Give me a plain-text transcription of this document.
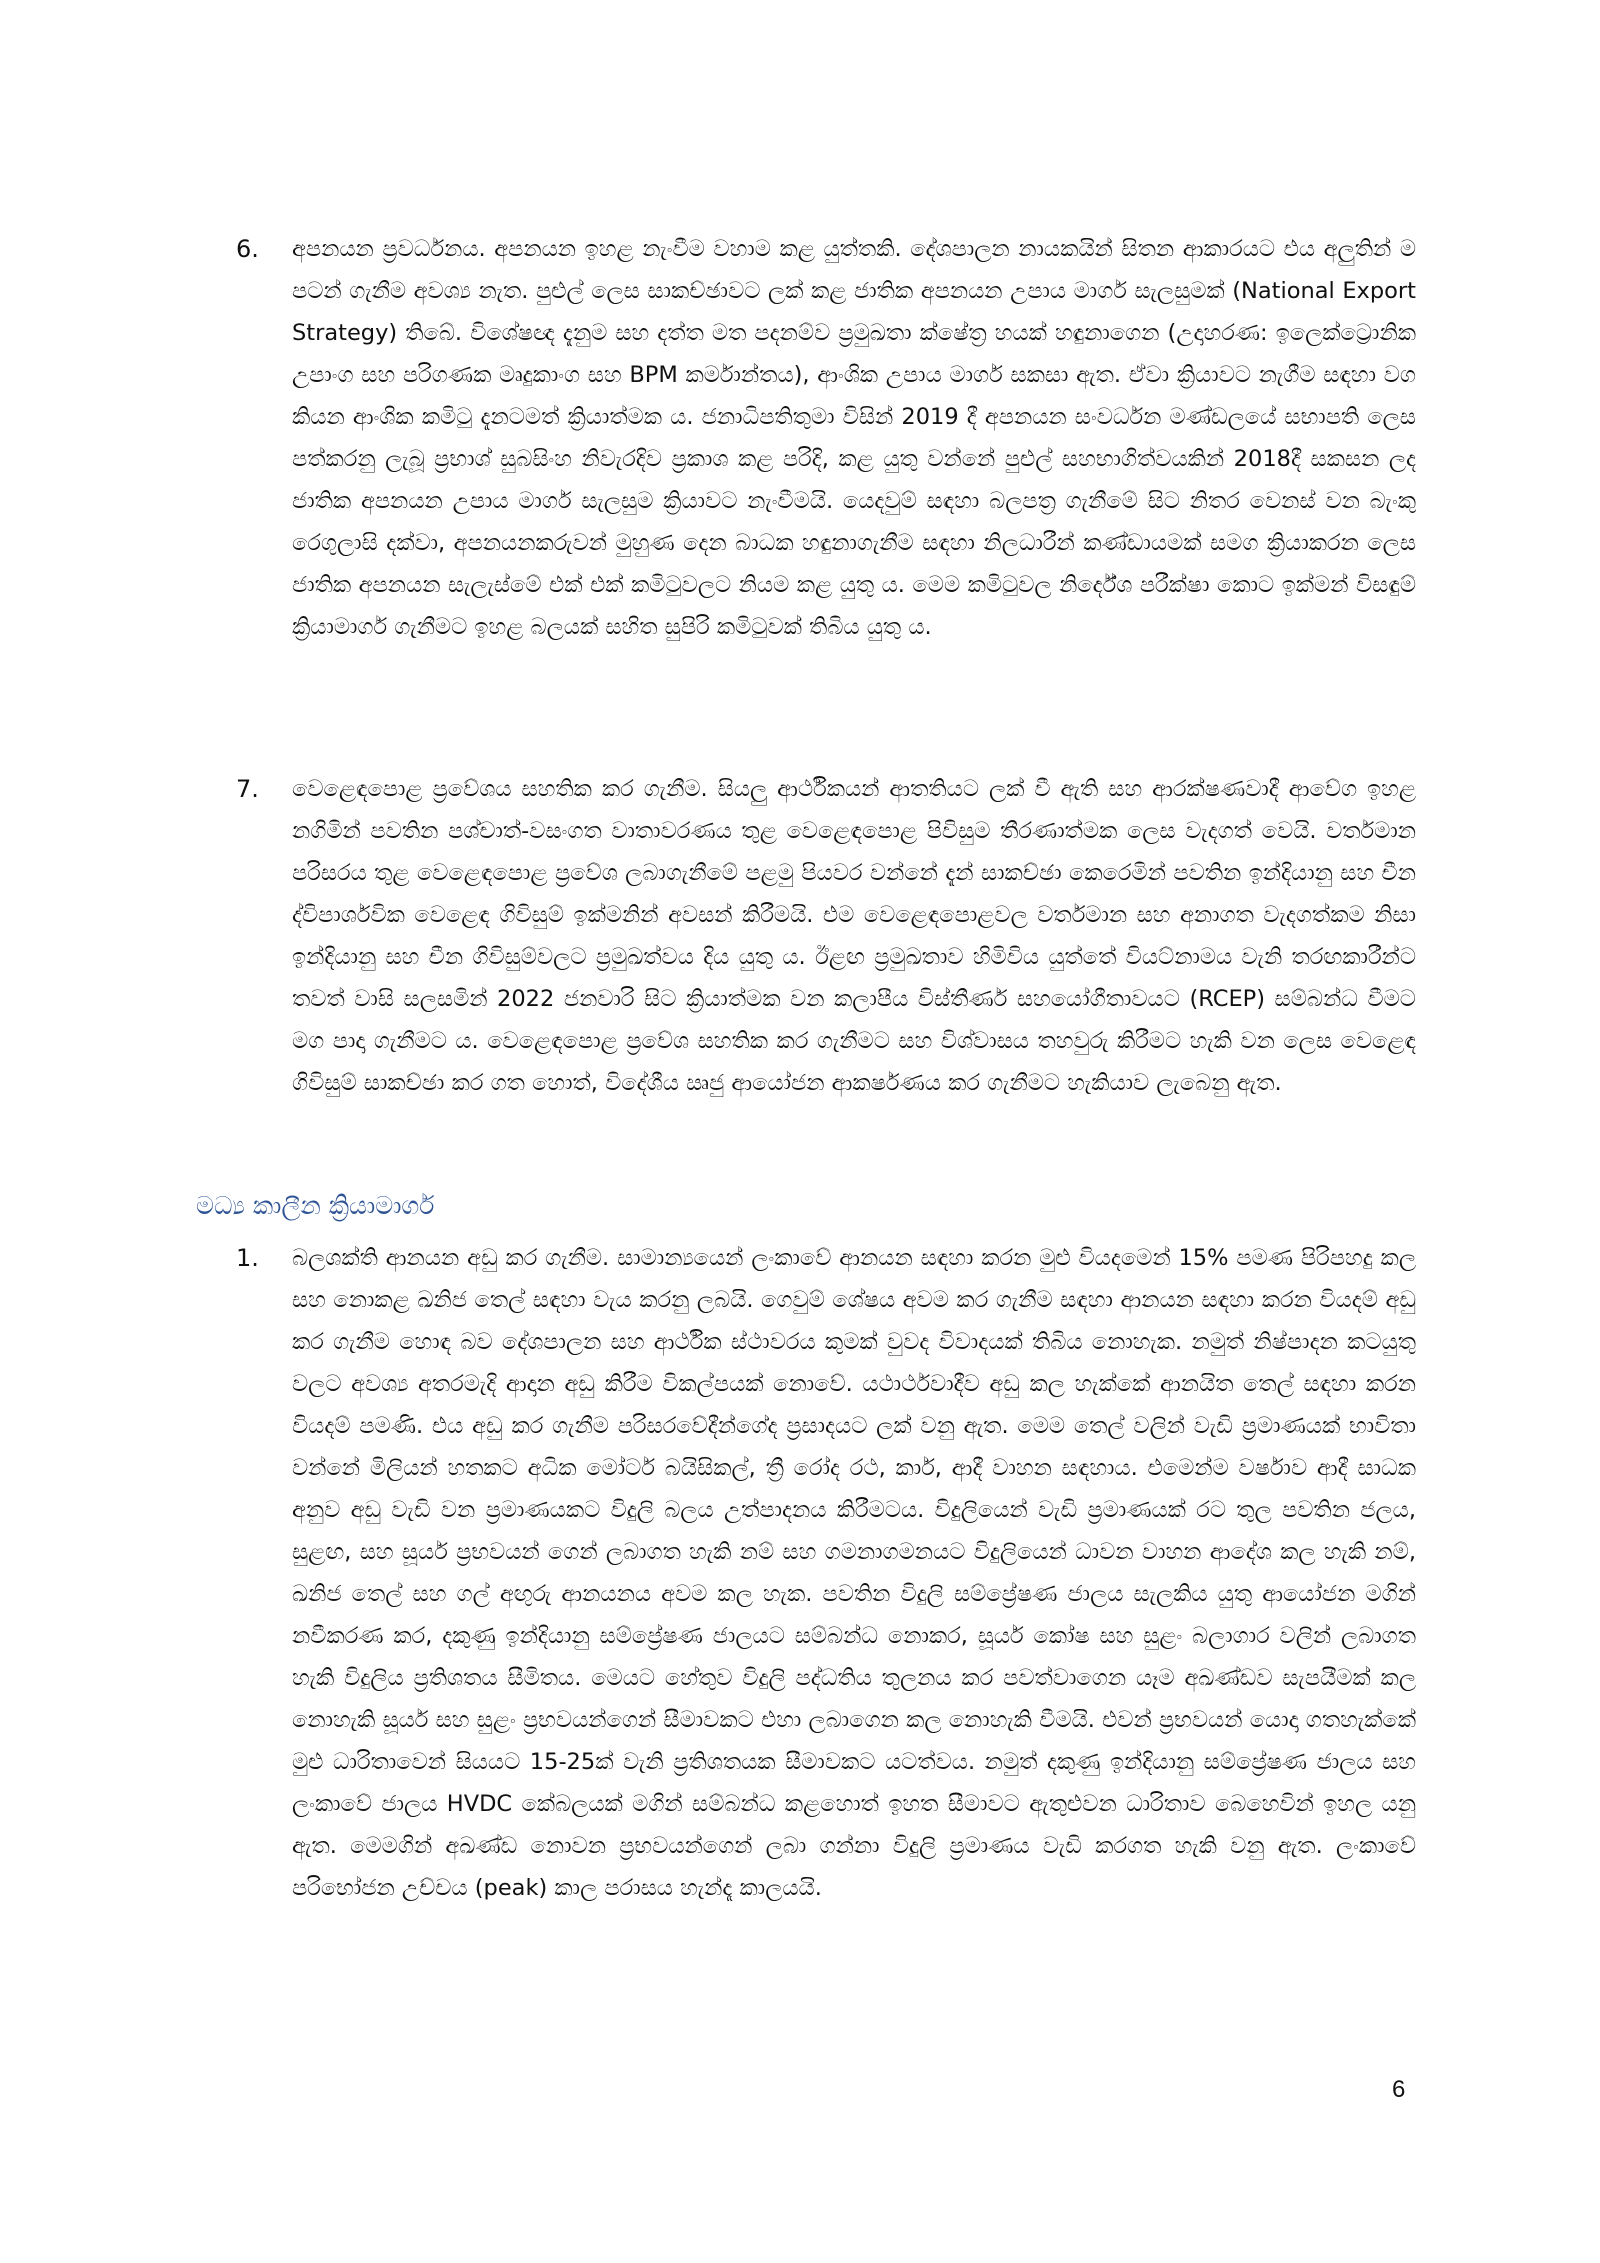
6.	අපනයන ප්‍රවර්ධනය. අපනයන ඉහළ නැංවීම වහාම කළ යුත්තකි. දේශපාලන නායකයින් සිතන ආකාරයට එය අලුතින් ම පටන් ගැනීම අවශ්‍ය නැත. පුළුල් ලෙස සාකච්ඡාවට ලක් කළ ජාතික අපනයන උපාය මාර්ග සැලසුමක් (National Export Strategy) තිබේ. විශේෂඥ දැනුම සහ දත්ත මත පදනම්ව ප්‍රමුඛතා ක්ෂේත්‍ර හයක් හඳුනාගෙන (උදාහරණ: ඉලෙක්ට්‍රොනික උපාංග සහ පරිගණක මෘදුකාංග සහ BPM කර්මාන්තය), ආංශික උපාය මාර්ග සකසා ඇත. ඒවා ක්‍රියාවට නැගීම සඳහා වග කියන ආංශික කමිටු දැනටමත් ක්‍රියාත්මක ය. ජනාධිපතිතුමා විසින් 2019 දී අපනයන සංවර්ධන මණ්ඩලයේ සභාපති ලෙස පත්කරනු ලැබූ ප්‍රභාශ් සුබසිංහ නිවැරදිව ප්‍රකාශ කළ පරිදි, කළ යුතු වන්නේ පුළුල් සහභාගිත්වයකින් 2018දී සකසන ලද ජාතික අපනයන උපාය මාර්ග සැලසුම ක්‍රියාවට නැංවීමයි. යෙදවුම් සඳහා බලපත්‍ර ගැනීමේ සිට නිතර වෙනස් වන බැංකු රෙගුලාසි දක්වා, අපනයනකරුවන් මුහුණ දෙන බාධක හඳුනාගැනීම සඳහා නිලධාරීන් කණ්ඩායමක් සමග ක්‍රියාකරන ලෙස ජාතික අපනයන සැලැස්මේ එක් එක් කමිටුවලට නියම කළ යුතු ය. මෙම කමිටුවල නිර්දේශ පරීක්ෂා කොට ඉක්මන් විසඳුම් ක්‍රියාමාර්ග ගැනීමට ඉහළ බලයක් සහිත සුපිරි කමිටුවක් තිබිය යුතු ය.
7.	වෙළෙඳපොළ ප්‍රවේශය සහතික කර ගැනීම. සියලු ආර්ථිකයන් ආතතියට ලක් වී ඇති සහ ආරක්ෂණවාදී ආවේග ඉහළ නගිමින් පවතින පශ්චාත්-වසංගත වාතාවරණය තුළ වෙළෙඳපොළ පිවිසුම තීරණාත්මක ලෙස වැදගත් වෙයි. වර්තමාන පරිසරය තුළ වෙළෙඳපොළ ප්‍රවේශ ලබාගැනීමේ පළමු පියවර වන්නේ දැන් සාකච්ඡා කෙරෙමින් පවතින ඉන්දියානු සහ චීන ද්විපාර්ශවික වෙළෙඳ ගිවිසුම් ඉක්මනින් අවසන් කිරීමයි. එම වෙළෙඳපොළවල වර්තමාන සහ අනාගත වැදගත්කම නිසා ඉන්දියානු සහ චීන ගිවිසුම්වලට ප්‍රමුඛත්වය දිය යුතු ය. ඊළඟ ප්‍රමුඛතාව හිමිවිය යුත්තේ වියට්නාමය වැනි තරඟකාරීන්ට තවත් වාසි සලසමින් 2022 ජනවාරි සිට ක්‍රියාත්මක වන කලාපීය විස්තීර්ණ සහයෝගීතාවයට (RCEP) සම්බන්ධ වීමට මග පාදා ගැනීමට ය. වෙළෙඳපොළ ප්‍රවේශ සහතික කර ගැනීමට සහ විශ්වාසය තහවුරු කිරීමට හැකි වන ලෙස වෙළෙඳ ගිවිසුම් සාකච්ඡා කර ගත හොත්, විදේශීය ඍජු ආයෝජන ආකර්ෂණය කර ගැනීමට හැකියාව ලැබෙනු ඇත.
මධ්‍ය කාලීන ක්‍රියාමාර්ග
1.	බලශක්ති ආනයන අඩු කර ගැනීම. සාමාන්‍යයෙන් ලංකාවේ ආනයන සඳහා කරන මුළු වියදමෙන් 15% පමණ පිරිපහදු කල සහ නොකළ ඛනිජ තෙල් සඳහා වැය කරනු ලබයි. ගෙවුම් ශේෂය අවම කර ගැනීම සඳහා ආනයන සඳහා කරන වියදම් අඩු කර ගැනීම හොඳ බව දේශපාලන සහ ආර්ථික ස්ථාවරය කුමක් වුවද විවාදයක් තිබිය නොහැක. නමුත් නිෂ්පාදන කටයුතු වලට අවශ්‍ය අතරමැදි ආදාන අඩු කිරීම විකල්පයක් නොවේ. යථාර්ථවාදීව අඩු කල හැක්කේ ආනයිත තෙල් සඳහා කරන වියදම් පමණි. එය අඩු කර ගැනීම පරිසරවේදීන්ගේද ප්‍රසාදයට ලක් වනු ඇත. මෙම තෙල් වලින් වැඩි ප්‍රමාණයක් භාවිතා වන්නේ මිලියන් හතකට අධික මෝටර් බයිසිකල්, ත්‍රී රෝද රථ, කාර්, ආදී වාහන සඳහාය. එමෙන්ම වර්ෂාව ආදී සාධක අනුව අඩු වැඩි වන ප්‍රමාණයකට විදුලි බලය උත්පාදනය කිරීමටය. විදුලියෙන් වැඩි ප්‍රමාණයක් රට තුල පවතින ජලය, සුළඟ, සහ සූර්ය ප්‍රභවයන් ගෙන් ලබාගත හැකි නම් සහ ගමනාගමනයට විදුලියෙන් ධාවන වාහන ආදේශ කල හැකි නම්, ඛනිජ තෙල් සහ ගල් අඟුරු ආනයනය අවම කල හැක. පවතින විදුලි සම්ප්‍රේෂණ ජාලය සැලකිය යුතු ආයෝජන මගින් නවීකරණ කර, දකුණු ඉන්දියානු සම්ප්‍රේෂණ ජාලයට සම්බන්ධ නොකර, සූර්ය කෝෂ සහ සුළං බලාගාර වලින් ලබාගත හැකි විදුලිය ප්‍රතිශතය සීමිතය. මෙයට හේතුව විදුලි පද්ධතිය තුලනය කර පවත්වාගෙන යෑම අඛණ්ඩව සැපයීමක් කල නොහැකි සූර්ය සහ සුළං ප්‍රභවයන්ගෙන් සීමාවකට එහා ලබාගෙන කල නොහැකි වීමයි. එවන් ප්‍රභවයන් යොදා ගතහැක්කේ මුළු ධාරිතාවෙන් සියයට 15-25ක් වැනි ප්‍රතිශතයක සීමාවකට යටත්වය. නමුත් දකුණු ඉන්දියානු සම්ප්‍රේෂණ ජාලය සහ ලංකාවේ ජාලය HVDC කේබලයක් මගින් සම්බන්ධ කළහොත් ඉහත සීමාවට ඇතුළුවන ධාරිතාව බෙහෙවින් ඉහල යනු ඇත. මෙමගින් අඛණ්ඩ නොවන ප්‍රභවයන්ගෙන් ලබා ගන්නා විදුලි ප්‍රමාණය වැඩි කරගත හැකි වනු ඇත. ලංකාවේ පරිභෝජන උච්චය (peak) කාල පරාසය හැන්දෑ කාලයයි.
6
